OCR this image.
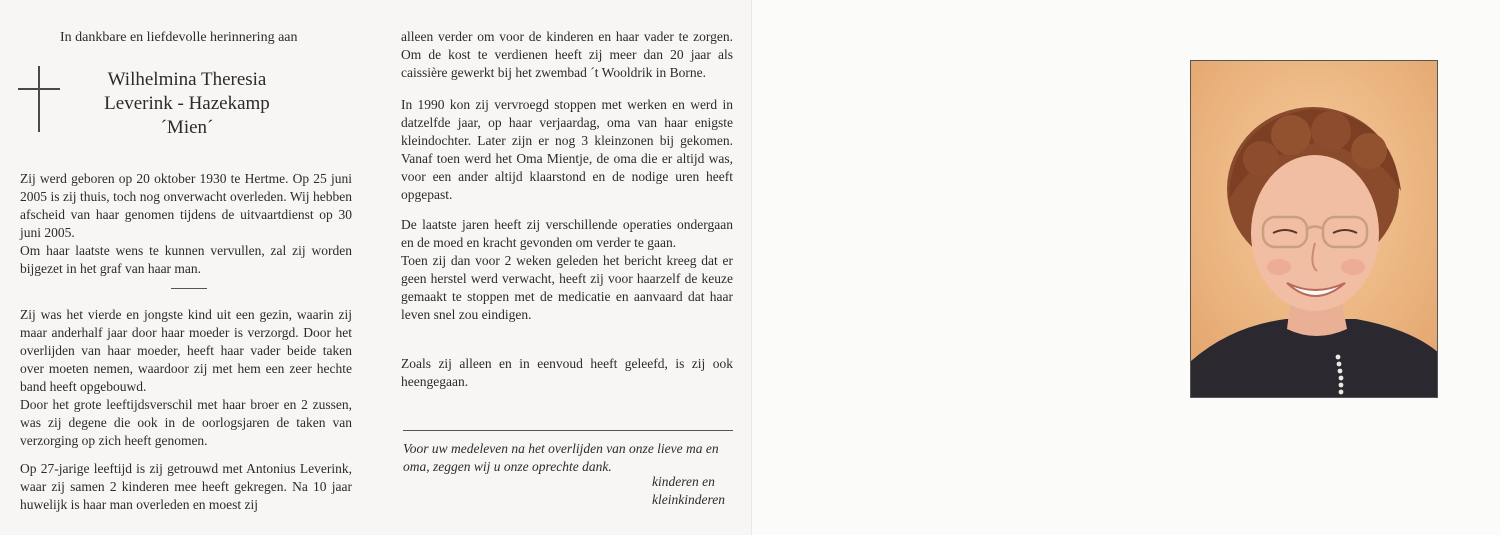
In dankbare en liefdevolle herinnering aan
Wilhelmina Theresia
Leverink - Hazekamp
´Mien´

Zij werd geboren op 20 oktober 1930 te Hertme. Op 25 juni 2005 is zij thuis, toch nog onverwacht overleden. Wij hebben afscheid van haar genomen tijdens de uitvaartdienst op 30 juni 2005.

Om haar laatste wens te kunnen vervullen, zal zij worden bijgezet in het graf van haar man.

Zij was het vierde en jongste kind uit een gezin, waarin zij maar anderhalf jaar door haar moeder is verzorgd. Door het overlijden van haar moeder, heeft haar vader beide taken over moeten nemen, waardoor zij met hem een zeer hechte band heeft opgebouwd.

Door het grote leeftijdsverschil met haar broer en 2 zussen, was zij degene die ook in de oorlogsjaren de taken van verzorging op zich heeft genomen.

Op 27-jarige leeftijd is zij getrouwd met Antonius Leverink, waar zij samen 2 kinderen mee heeft gekregen. Na 10 jaar huwelijk is haar man overleden en moest zij

alleen verder om voor de kinderen en haar vader te zorgen. Om de kost te verdienen heeft zij meer dan 20 jaar als caissière gewerkt bij het zwembad ´t Wooldrik in Borne.

In 1990 kon zij vervroegd stoppen met werken en werd in datzelfde jaar, op haar verjaardag, oma van haar enigste kleindochter. Later zijn er nog 3 kleinzonen bij gekomen. Vanaf toen werd het Oma Mientje, de oma die er altijd was, voor een ander altijd klaarstond en de nodige uren heeft opgepast.

De laatste jaren heeft zij verschillende operaties ondergaan en de moed en kracht gevonden om verder te gaan.

Toen zij dan voor 2 weken geleden het bericht kreeg dat er geen herstel werd verwacht, heeft zij voor haarzelf de keuze gemaakt te stoppen met de medicatie en aanvaard dat haar leven snel zou eindigen.

Zoals zij alleen en in eenvoud heeft geleefd, is zij ook heengegaan.

Voor uw medeleven na het overlijden van onze lieve ma en oma, zeggen wij u onze oprechte dank.
kinderen en
kleinkinderen
